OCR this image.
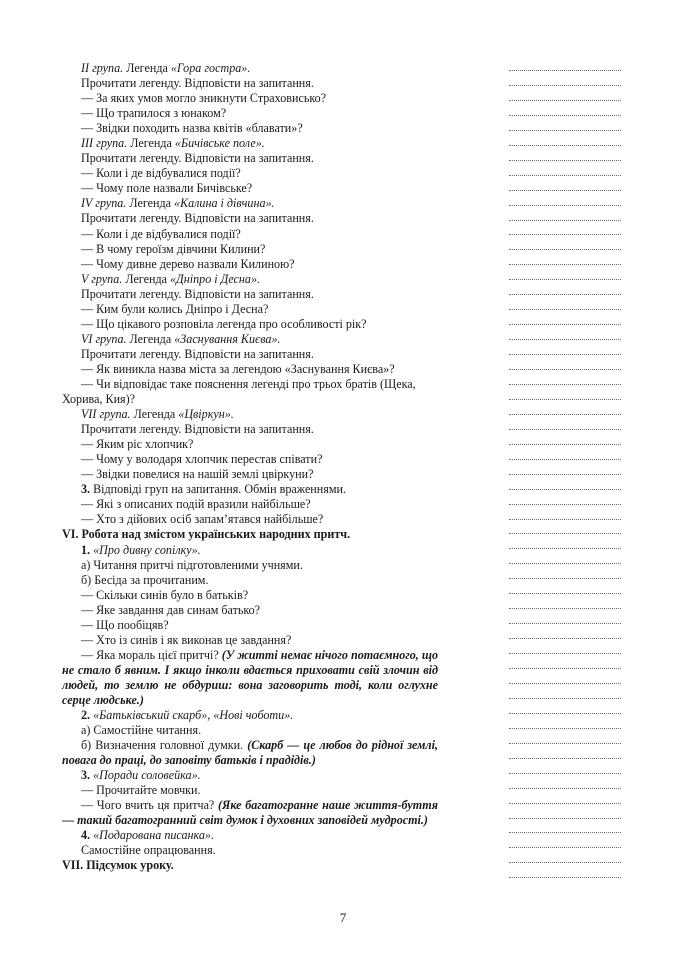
II група. Легенда «Гора гостра».
Прочитати легенду. Відповісти на запитання.
— За яких умов могло зникнути Страховисько?
— Що трапилося з юнаком?
— Звідки походить назва квітів «блавати»?
ІІІ група. Легенда «Бичівське поле».
Прочитати легенду. Відповісти на запитання.
— Коли і де відбувалися події?
— Чому поле назвали Бичівське?
IV група. Легенда «Калина і дівчина».
Прочитати легенду. Відповісти на запитання.
— Коли і де відбувалися події?
— В чому героїзм дівчини Килини?
— Чому дивне дерево назвали Килиною?
V група. Легенда «Дніпро і Десна».
Прочитати легенду. Відповісти на запитання.
— Ким були колись Дніпро і Десна?
— Що цікавого розповіла легенда про особливості рік?
VI група. Легенда «Заснування Києва».
Прочитати легенду. Відповісти на запитання.
— Як виникла назва міста за легендою «Заснування Києва»?
— Чи відповідає таке пояснення легенді про трьох братів (Щека,
Хорива, Кия)?
VII група. Легенда «Цвіркун».
Прочитати легенду. Відповісти на запитання.
— Яким ріс хлопчик?
— Чому у володаря хлопчик перестав співати?
— Звідки повелися на нашій землі цвіркуни?
3. Відповіді груп на запитання. Обмін враженнями.
— Які з описаних подій вразили найбільше?
— Хто з дійових осіб запам’ятався найбільше?
VI. Робота над змістом українських народних притч.
1. «Про дивну сопілку».
а) Читання притчі підготовленими учнями.
б) Бесіда за прочитаним.
— Скільки синів було в батьків?
— Яке завдання дав синам батько?
— Що пообіцяв?
— Хто із синів і як виконав це завдання?
— Яка мораль цієї притчі? (У житті немає нічого потаємного, що не стало б явним. І якщо інколи вдається приховати свій злочин від людей, то землю не обдуриш: вона заговорить тоді, коли оглухне серце людське.)
2. «Батьківський скарб», «Нові чоботи».
а) Самостійне читання.
б) Визначення головної думки. (Скарб — це любов до рідної землі, повага до праці, до заповіту батьків і прадідів.)
3. «Поради соловейка».
— Прочитайте мовчки.
— Чого вчить ця притча? (Яке багатогранне наше життя-буття — такий багатогранний світ думок і духовних заповідей мудрості.)
4. «Подарована писанка».
Самостійне опрацювання.
VII. Підсумок уроку.
7
